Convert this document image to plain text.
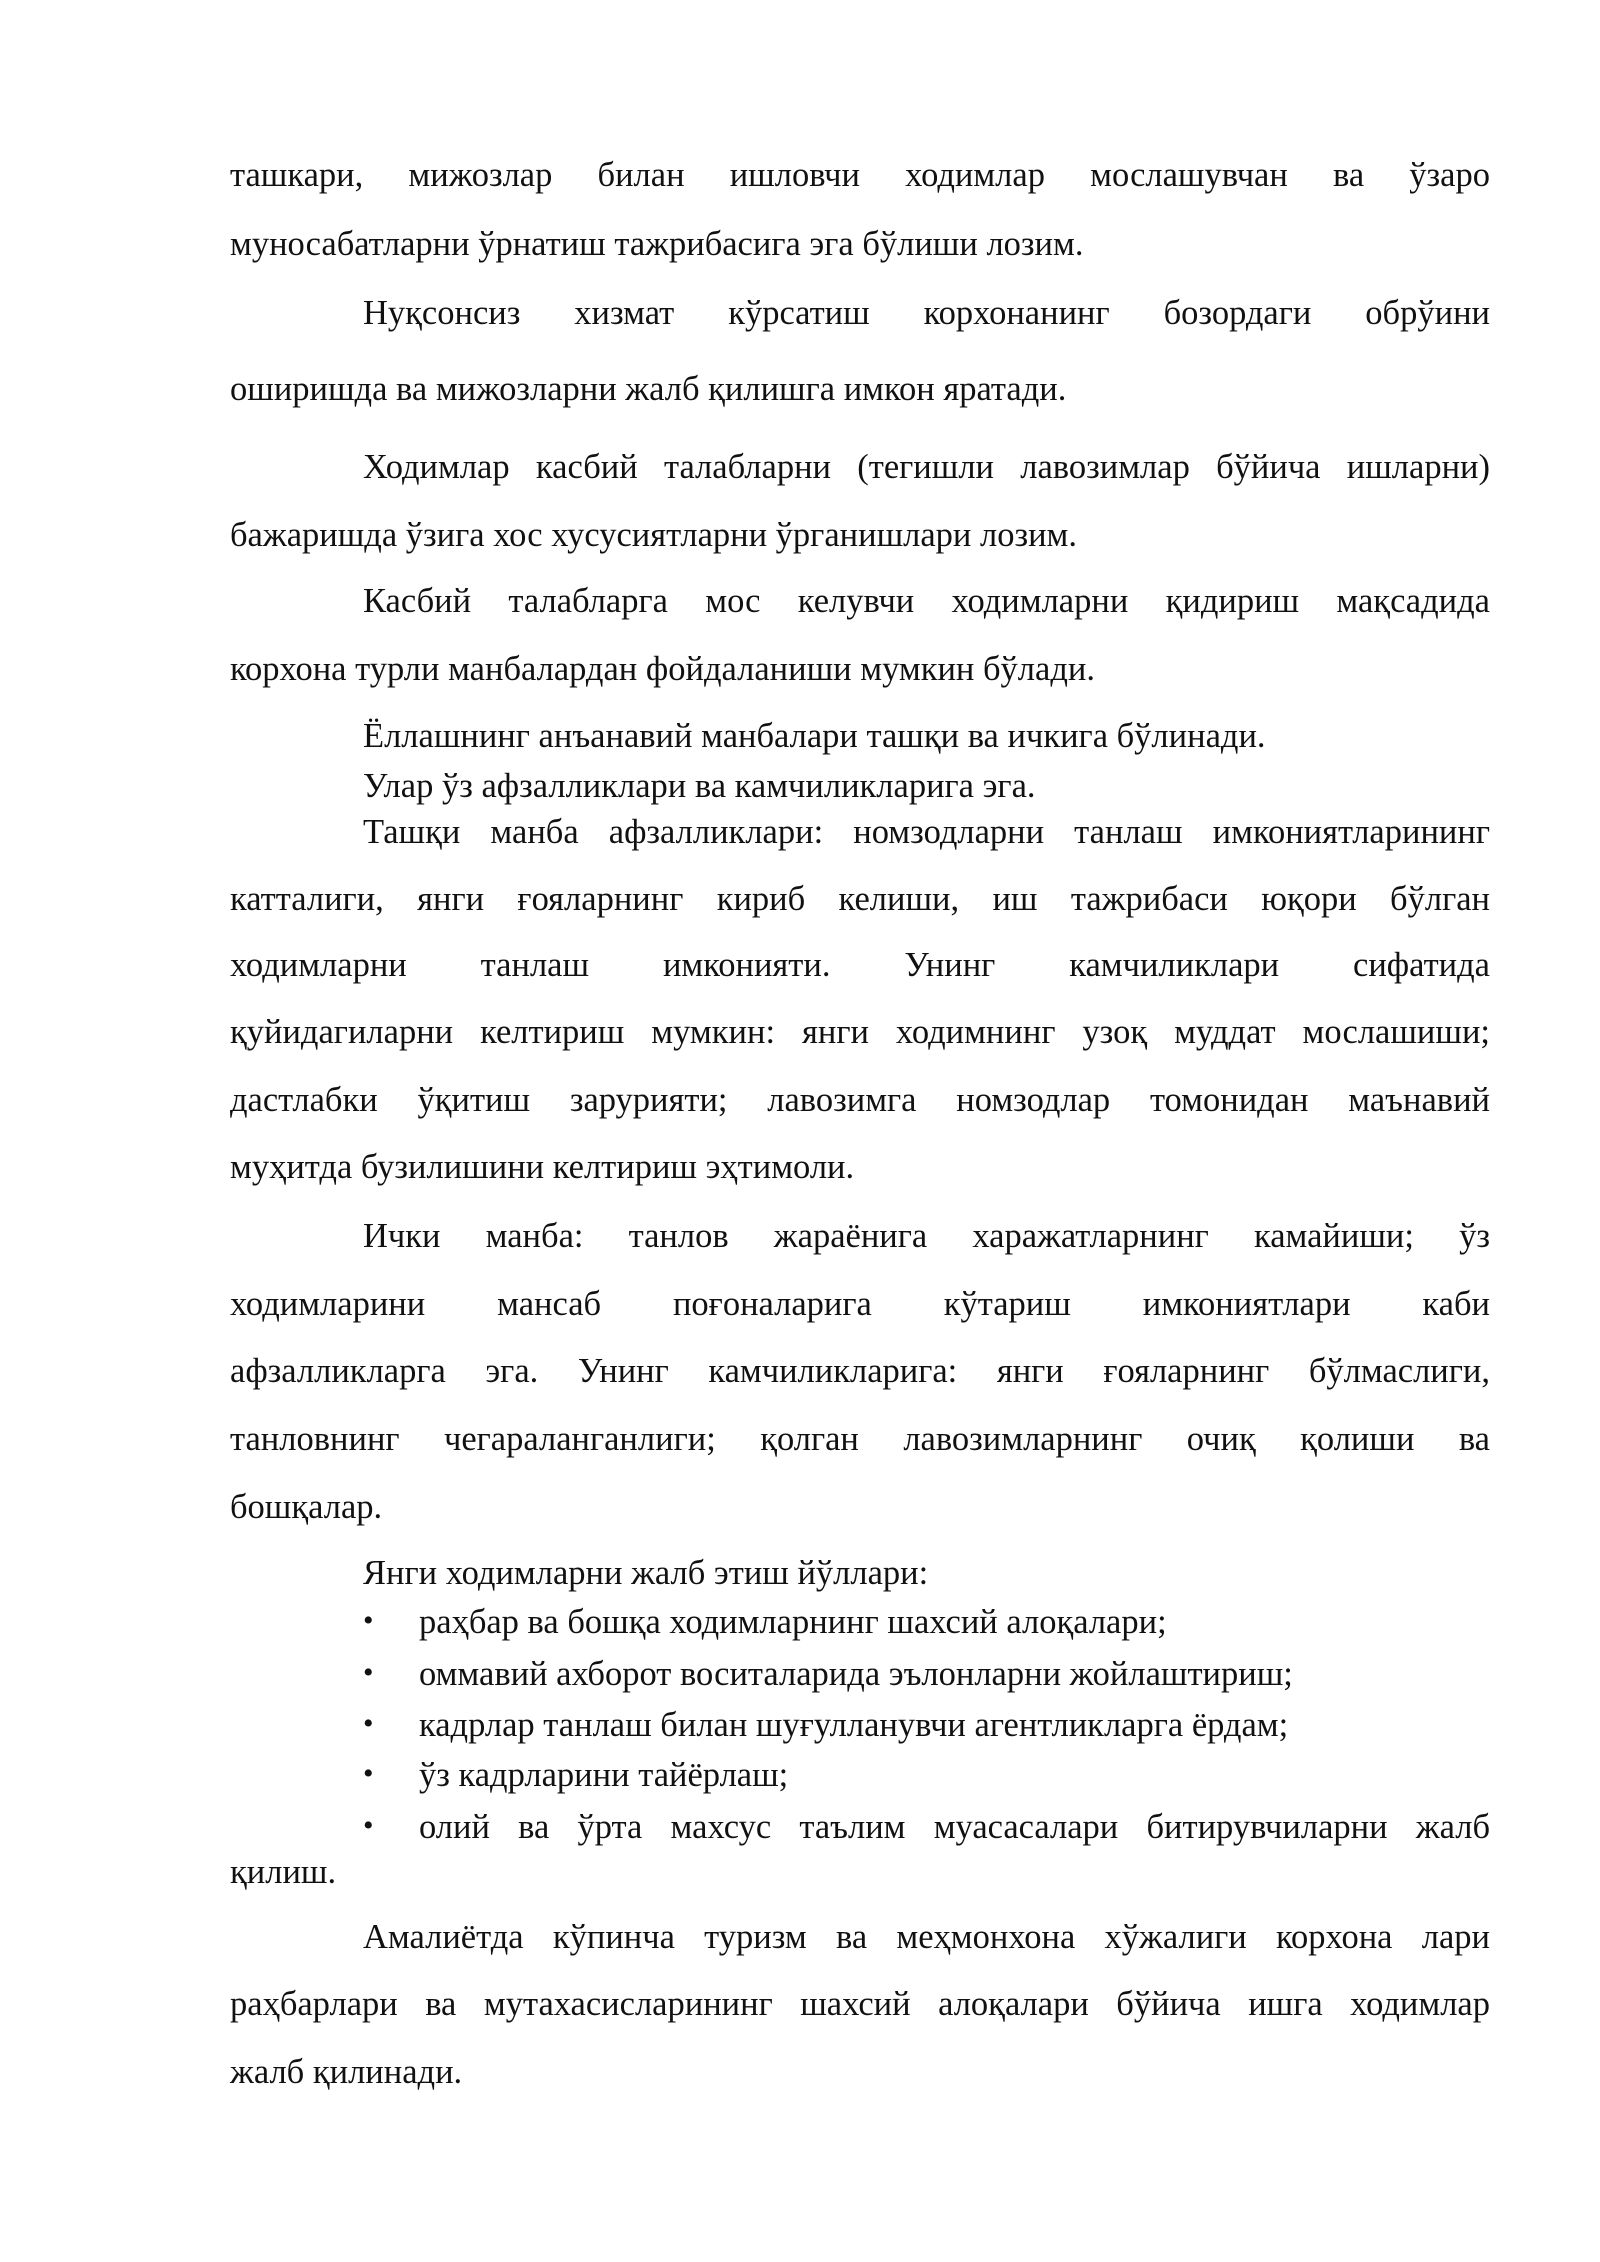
ташкари, мижозлар билан ишловчи ходимлар мослашувчан ва ўзаро
муносабатларни ўрнатиш тажрибасига эга бўлиши лозим.
Нуқсонсиз хизмат кўрсатиш корхонанинг бозордаги обрўини
оширишда ва мижозларни жалб қилишга имкон яратади.
Ходимлар касбий талабларни (тегишли лавозимлар бўйича ишларни)
бажаришда ўзига хос хусусиятларни ўрганишлари лозим.
Касбий талабларга мос келувчи ходимларни қидириш мақсадида
корхона турли манбалардан фойдаланиши мумкин бўлади.
Ёллашнинг анъанавий манбалари ташқи ва ичкига бўлинади.
Улар ўз афзалликлари ва камчиликларига эга.
Ташқи манба афзалликлари: номзодларни танлаш имкониятларининг
катталиги, янги ғояларнинг кириб келиши, иш тажрибаси юқори бўлган
ходимларни танлаш имконияти. Унинг камчиликлари сифатида
қуйидагиларни келтириш мумкин: янги ходимнинг узоқ муддат мослашиши;
дастлабки ўқитиш зарурияти; лавозимга номзодлар томонидан маънавий
муҳитда бузилишини келтириш эҳтимоли.
Ички манба: танлов жараёнига харажатларнинг камайиши; ўз
ходимларини мансаб поғоналарига кўтариш имкониятлари каби
афзалликларга эга. Унинг камчиликларига: янги ғояларнинг бўлмаслиги,
танловнинг чегараланганлиги; қолган лавозимларнинг очиқ қолиши ва
бошқалар.
Янги ходимларни жалб этиш йўллари:
• раҳбар ва бошқа ходимларнинг шахсий алоқалари;
• оммавий ахборот воситаларида эълонларни жойлаштириш;
• кадрлар танлаш билан шуғулланувчи агентликларга ёрдам;
• ўз кадрларини тайёрлаш;
• олий ва ўрта махсус таълим муасасалари битирувчиларни жалб
қилиш.
Амалиётда кўпинча туризм ва меҳмонхона хўжалиги корхона лари
раҳбарлари ва мутахасисларининг шахсий алоқалари бўйича ишга ходимлар
жалб қилинади.
